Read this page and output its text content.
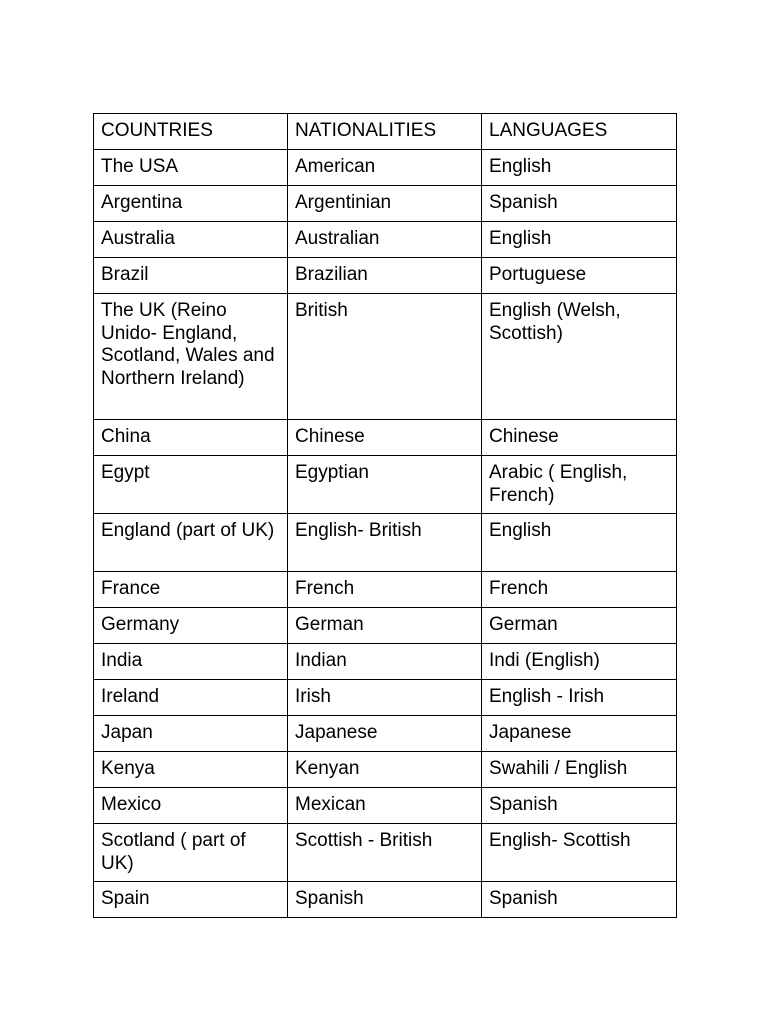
COUNTRIES	NATIONALITIES	LANGUAGES
The USA	American	English
Argentina	Argentinian	Spanish
Australia	Australian	English
Brazil	Brazilian	Portuguese
The UK (Reino Unido- England, Scotland, Wales and Northern Ireland)	British	English (Welsh, Scottish)
China	Chinese	Chinese
Egypt	Egyptian	Arabic ( English, French)
England (part of UK)	English- British	English
France	French	French
Germany	German	German
India	Indian	Indi (English)
Ireland	Irish	English - Irish
Japan	Japanese	Japanese
Kenya	Kenyan	Swahili / English
Mexico	Mexican	Spanish
Scotland ( part of UK)	Scottish - British	English- Scottish
Spain	Spanish	Spanish
